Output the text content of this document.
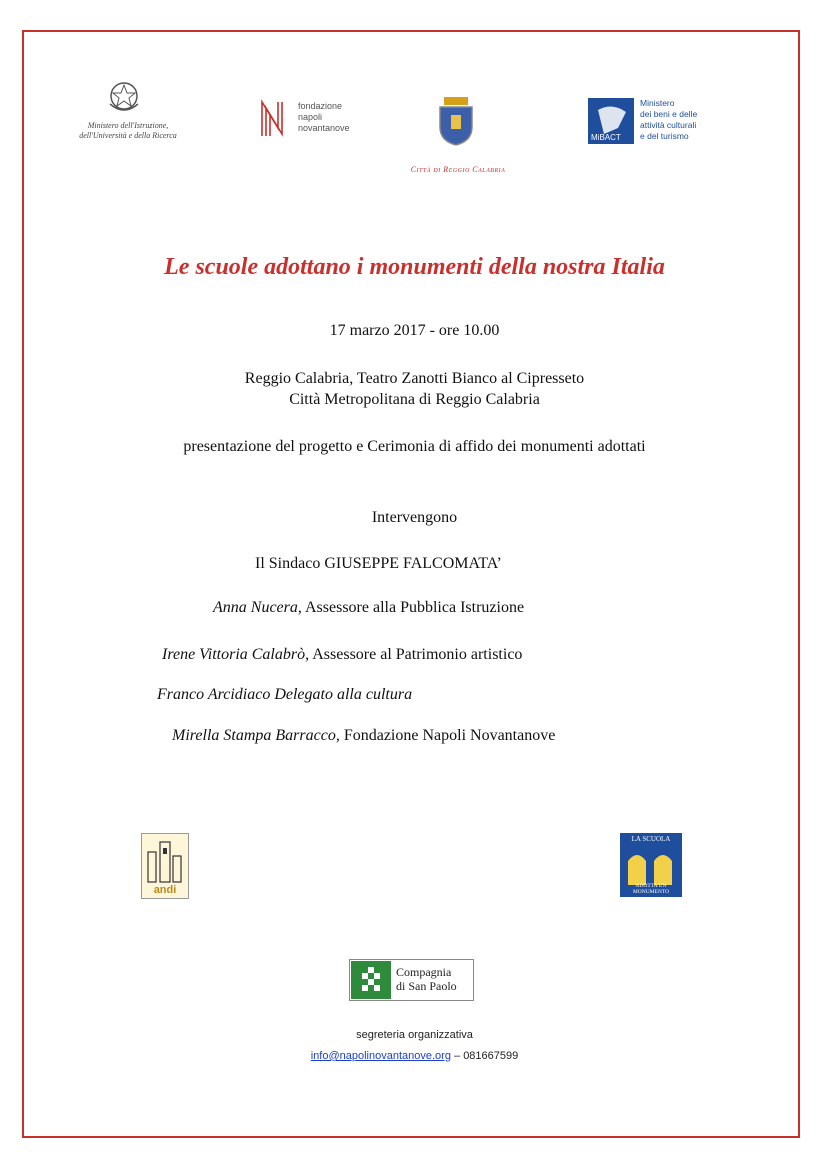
Ministero dell'Istruzione,
dell'Università e della Ricerca
fondazione
napoli
novantanove
Città di Reggio Calabria
MiBACT
Ministero
dei beni e delle
attività culturali
e del turismo
Le scuole adottano i monumenti della nostra Italia
17 marzo 2017 - ore 10.00
Reggio Calabria, Teatro Zanotti Bianco al Cipresseto
Città Metropolitana di Reggio Calabria
presentazione del progetto e Cerimonia di affido dei monumenti adottati
Intervengono
Il Sindaco GIUSEPPE FALCOMATA’
Anna Nucera, Assessore alla Pubblica Istruzione
Irene Vittoria Calabrò, Assessore al Patrimonio artistico
Franco Arcidiaco Delegato alla cultura
Mirella Stampa Barracco, Fondazione Napoli Novantanove
andi
LA SCUOLA
ADOTTA UN MONUMENTO
Compagnia
di San Paolo
segreteria organizzativa
info@napolinovantanove.org – 081667599
